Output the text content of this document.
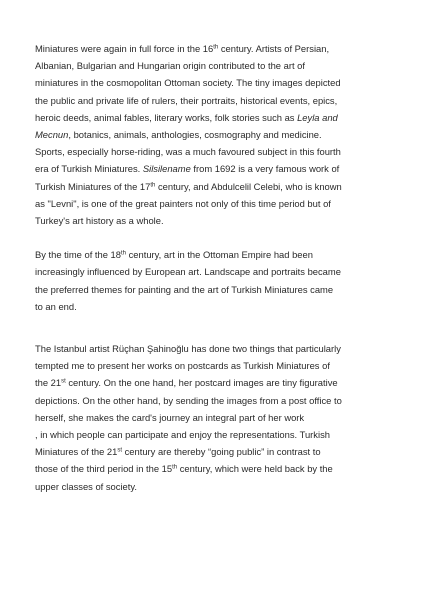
Miniatures were again in full force in the 16th century. Artists of Persian,
Albanian, Bulgarian and Hungarian origin contributed to the art of
miniatures in the cosmopolitan Ottoman society. The tiny images depicted
the public and private life of rulers, their portraits, historical events, epics,
heroic deeds, animal fables, literary works, folk stories such as Leyla and
Mecnun, botanics, animals, anthologies, cosmography and medicine.
Sports, especially horse-riding, was a much favoured subject in this fourth
era of Turkish Miniatures. Silsilename from 1692 is a very famous work of
Turkish Miniatures of the 17th century, and Abdulcelil Celebi, who is known
as "Levni", is one of the great painters not only of this time period but of
Turkey's art history as a whole.

By the time of the 18th century, art in the Ottoman Empire had been
increasingly influenced by European art. Landscape and portraits became
the preferred themes for painting and the art of Turkish Miniatures came
to an end.

The Istanbul artist Rüçhan Şahinoğlu has done two things that particularly
tempted me to present her works on postcards as Turkish Miniatures of
the 21st century. On the one hand, her postcard images are tiny figurative
depictions. On the other hand, by sending the images from a post office to
herself, she makes the card's journey an integral part of her work
, in which people can participate and enjoy the representations. Turkish
Miniatures of the 21st century are thereby “going public” in contrast to
those of the third period in the 15th century, which were held back by the
upper classes of society.
